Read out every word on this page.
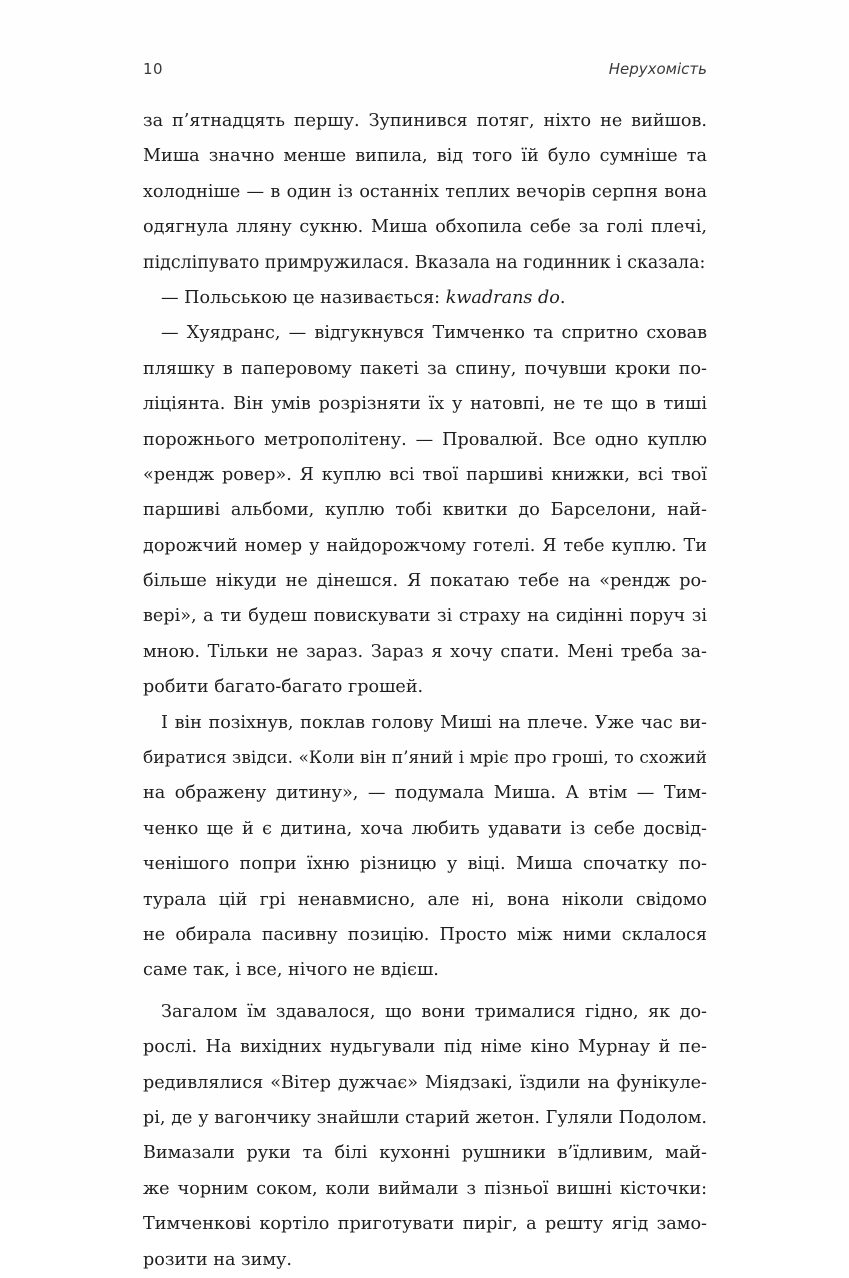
10	Нерухомість
за п’ятнадцять першу. Зупинився потяг, ніхто не вийшов.
Миша значно менше випила, від того їй було сумніше та
холодніше — в один із останніх теплих вечорів серпня вона
одягнула лляну сукню. Миша обхопила себе за голі плечі,
підсліпувато примружилася. Вказала на годинник і сказала:
— Польською це називається: kwadrans do.
— Хуядранс, — відгукнувся Тимченко та спритно сховав
пляшку в паперовому пакеті за спину, почувши кроки по-
ліціянта. Він умів розрізняти їх у натовпі, не те що в тиші
порожнього метрополітену. — Провалюй. Все одно куплю
«рендж ровер». Я куплю всі твої паршиві книжки, всі твої
паршиві альбоми, куплю тобі квитки до Барселони, най-
дорожчий номер у найдорожчому готелі. Я тебе куплю. Ти
більше нікуди не дінешся. Я покатаю тебе на «рендж ро-
вері», а ти будеш повискувати зі страху на сидінні поруч зі
мною. Тільки не зараз. Зараз я хочу спати. Мені треба за-
робити багато-багато грошей.
І він позіхнув, поклав голову Миші на плече. Уже час ви-
биратися звідси. «Коли він п’яний і мріє про гроші, то схожий
на ображену дитину», — подумала Миша. А втім — Тим-
ченко ще й є дитина, хоча любить удавати із себе досвід-
ченішого попри їхню різницю у віці. Миша спочатку по-
турала цій грі ненавмисно, але ні, вона ніколи свідомо
не обирала пасивну позицію. Просто між ними склалося
саме так, і все, нічого не вдієш.
Загалом їм здавалося, що вони трималися гідно, як до-
рослі. На вихідних нудьгували під німе кіно Мурнау й пе-
редивлялися «Вітер дужчає» Міядзакі, їздили на фунікуле-
рі, де у вагончику знайшли старий жетон. Гуляли Подолом.
Вимазали руки та білі кухонні рушники в’їдливим, май-
же чорним соком, коли виймали з пізньої вишні кісточки:
Тимченкові кортіло приготувати пиріг, а решту ягід замо-
розити на зиму.
